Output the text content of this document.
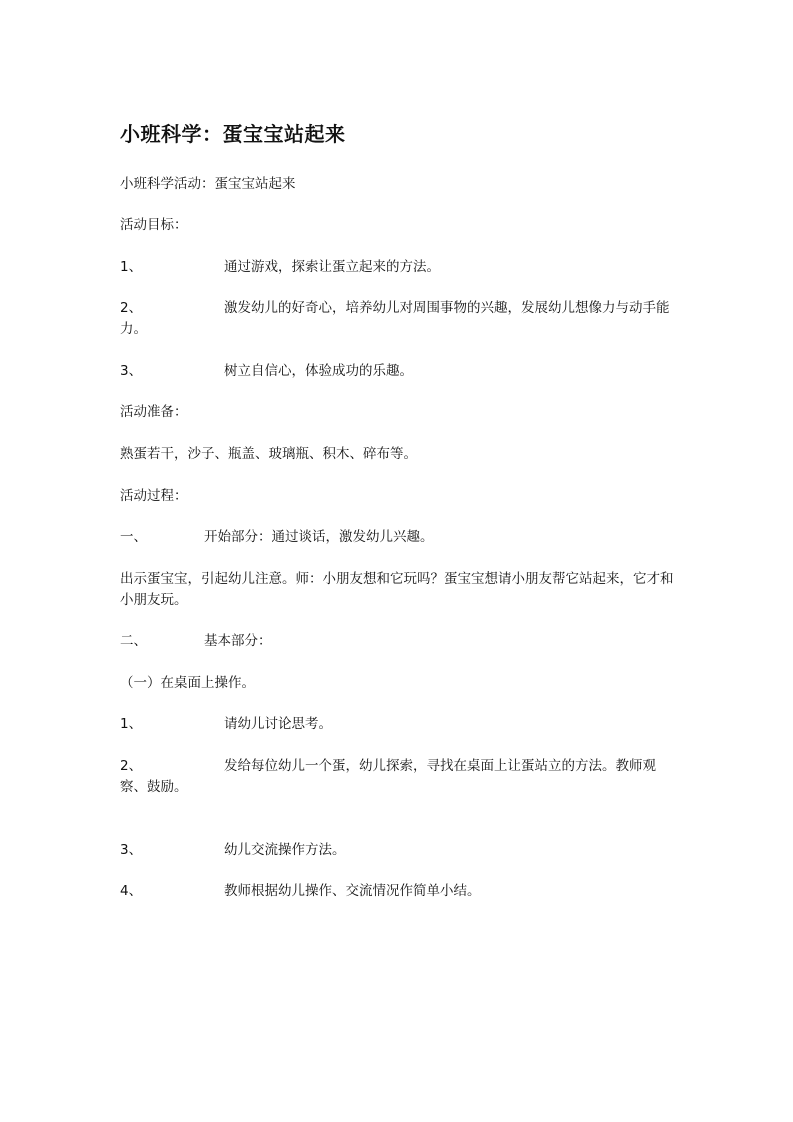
小班科学：蛋宝宝站起来

小班科学活动：蛋宝宝站起来

活动目标：

1、	通过游戏，探索让蛋立起来的方法。

2、	激发幼儿的好奇心，培养幼儿对周围事物的兴趣，发展幼儿想像力与动手能力。

3、	树立自信心，体验成功的乐趣。

活动准备：

熟蛋若干，沙子、瓶盖、玻璃瓶、积木、碎布等。

活动过程：

一、	开始部分：通过谈话，激发幼儿兴趣。

出示蛋宝宝，引起幼儿注意。师：小朋友想和它玩吗？蛋宝宝想请小朋友帮它站起来，它才和小朋友玩。

二、	基本部分：

（一）在桌面上操作。

1、	请幼儿讨论思考。

2、	发给每位幼儿一个蛋，幼儿探索，寻找在桌面上让蛋站立的方法。教师观察、鼓励。

3、	幼儿交流操作方法。

4、	教师根据幼儿操作、交流情况作简单小结。
